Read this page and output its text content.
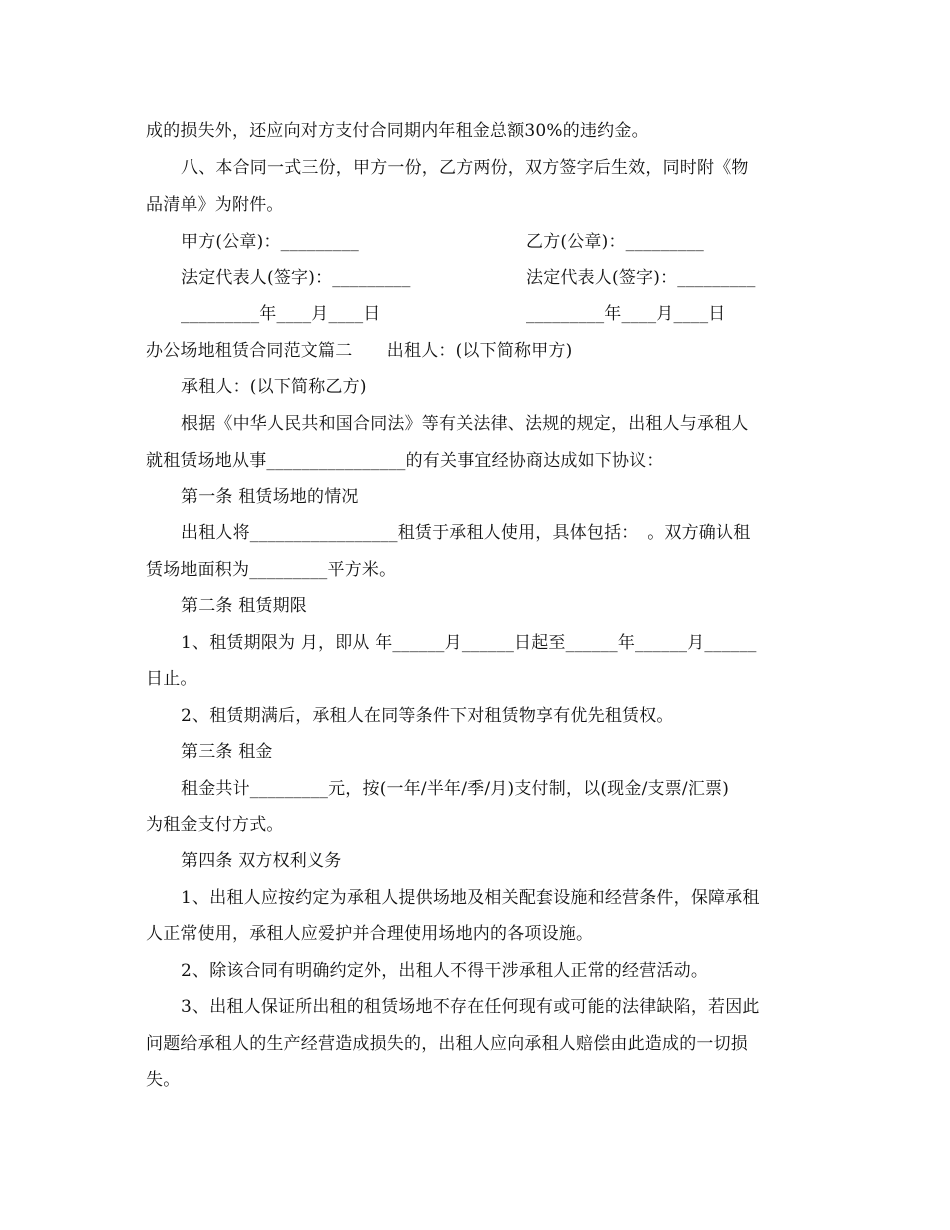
成的损失外，还应向对方支付合同期内年租金总额30%的违约金。
八、本合同一式三份，甲方一份，乙方两份，双方签字后生效，同时附《物
品清单》为附件。
甲方(公章)：_________	乙方(公章)：_________
法定代表人(签字)：_________	法定代表人(签字)：_________
_________年____月____日	_________年____月____日
办公场地租赁合同范文篇二　　出租人：(以下简称甲方)
承租人：(以下简称乙方)
根据《中华人民共和国合同法》等有关法律、法规的规定，出租人与承租人
就租赁场地从事________________的有关事宜经协商达成如下协议：
第一条 租赁场地的情况
出租人将_________________租赁于承租人使用，具体包括：　。双方确认租
赁场地面积为_________平方米。
第二条 租赁期限
1、租赁期限为 月，即从 年______月______日起至______年______月______
日止。
2、租赁期满后，承租人在同等条件下对租赁物享有优先租赁权。
第三条 租金
租金共计_________元，按(一年/半年/季/月)支付制，以(现金/支票/汇票)
为租金支付方式。
第四条 双方权利义务
1、出租人应按约定为承租人提供场地及相关配套设施和经营条件，保障承租
人正常使用，承租人应爱护并合理使用场地内的各项设施。
2、除该合同有明确约定外，出租人不得干涉承租人正常的经营活动。
3、出租人保证所出租的租赁场地不存在任何现有或可能的法律缺陷，若因此
问题给承租人的生产经营造成损失的，出租人应向承租人赔偿由此造成的一切损
失。
